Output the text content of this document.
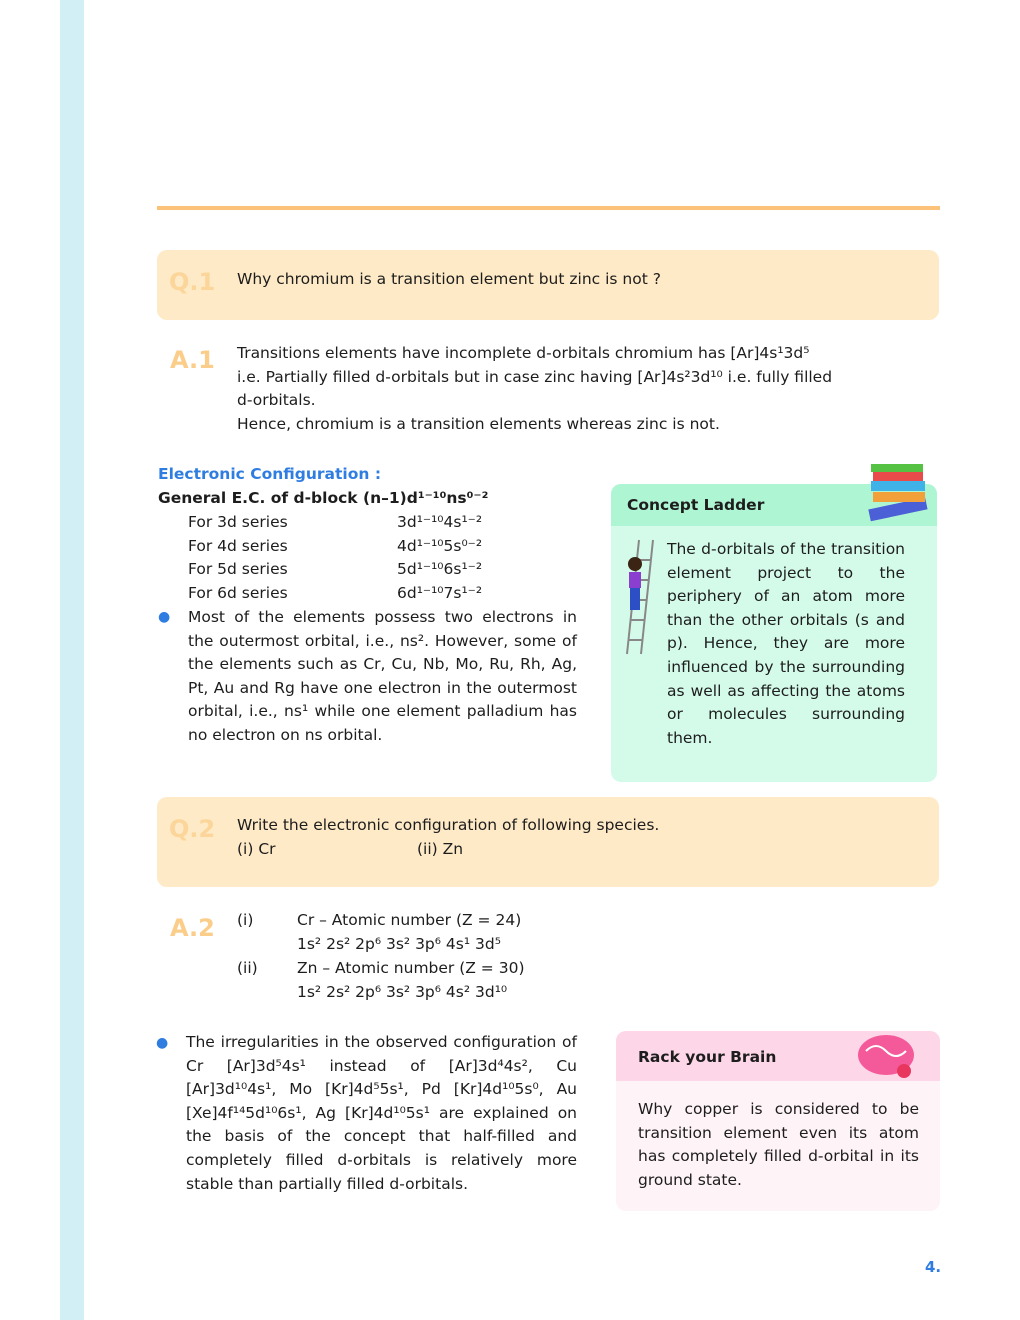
Q.1 Why chromium is a transition element but zinc is not ?
A.1 Transitions elements have incomplete d-orbitals chromium has [Ar]4s¹3d⁵
i.e. Partially filled d-orbitals but in case zinc having [Ar]4s²3d¹⁰ i.e. fully filled
d-orbitals.
Hence, chromium is a transition elements whereas zinc is not.
Electronic Configuration :
General E.C. of d-block (n–1)d¹⁻¹⁰ns⁰⁻²
For 3d series	3d¹⁻¹⁰4s¹⁻²
For 4d series	4d¹⁻¹⁰5s⁰⁻²
For 5d series	5d¹⁻¹⁰6s¹⁻²
For 6d series	6d¹⁻¹⁰7s¹⁻²
● Most of the elements possess two electrons in the outermost orbital, i.e., ns². However, some of the elements such as Cr, Cu, Nb, Mo, Ru, Rh, Ag, Pt, Au and Rg have one electron in the outermost orbital, i.e., ns¹ while one element palladium has no electron on ns orbital.
Concept Ladder
The d-orbitals of the transition element project to the periphery of an atom more than the other orbitals (s and p). Hence, they are more influenced by the surrounding as well as affecting the atoms or molecules surrounding them.
Q.2 Write the electronic configuration of following species.
(i) Cr	(ii) Zn
A.2 (i)	Cr – Atomic number (Z = 24)
1s² 2s² 2p⁶ 3s² 3p⁶ 4s¹ 3d⁵
(ii)	Zn – Atomic number (Z = 30)
1s² 2s² 2p⁶ 3s² 3p⁶ 4s² 3d¹⁰
● The irregularities in the observed configuration of Cr [Ar]3d⁵4s¹ instead of [Ar]3d⁴4s², Cu [Ar]3d¹⁰4s¹, Mo [Kr]4d⁵5s¹, Pd [Kr]4d¹⁰5s⁰, Au [Xe]4f¹⁴5d¹⁰6s¹, Ag [Kr]4d¹⁰5s¹ are explained on the basis of the concept that half-filled and completely filled d-orbitals is relatively more stable than partially filled d-orbitals.
Rack your Brain
Why copper is considered to be transition element even its atom has completely filled d-orbital in its ground state.
4.
